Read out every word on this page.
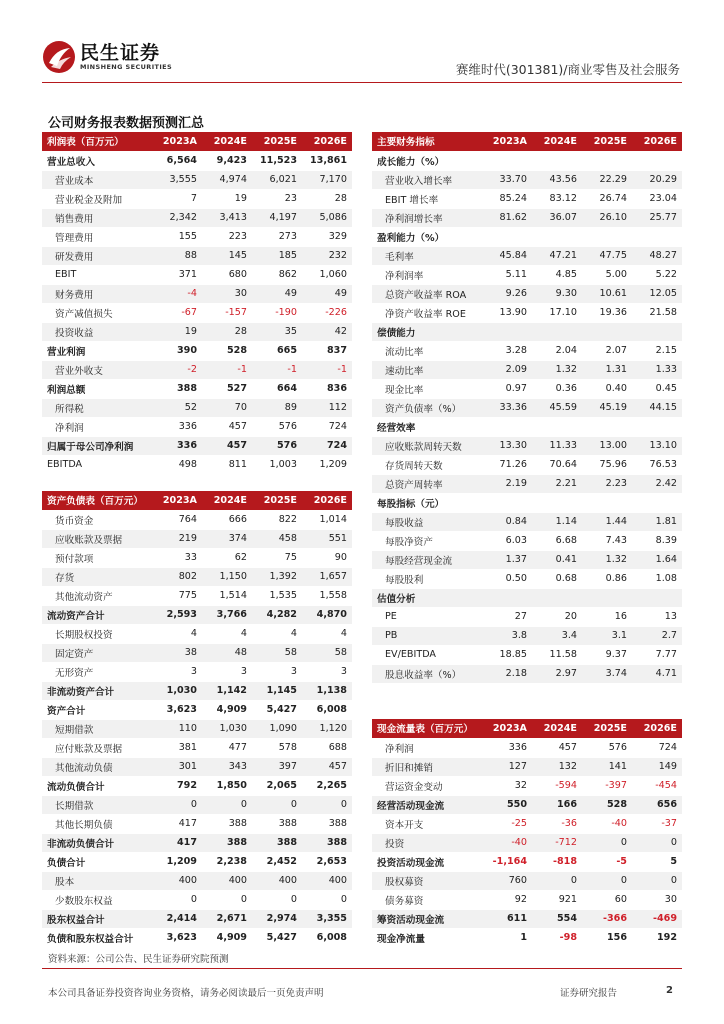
民生证券
MINSHENG SECURITIES	赛维时代(301381)/商业零售及社会服务
公司财务报表数据预测汇总
利润表（百万元）	2023A	2024E	2025E	2026E
营业总收入	6,564	9,423	11,523	13,861
营业成本	3,555	4,974	6,021	7,170
营业税金及附加	7	19	23	28
销售费用	2,342	3,413	4,197	5,086
管理费用	155	223	273	329
研发费用	88	145	185	232
EBIT	371	680	862	1,060
财务费用	-4	30	49	49
资产减值损失	-67	-157	-190	-226
投资收益	19	28	35	42
营业利润	390	528	665	837
营业外收支	-2	-1	-1	-1
利润总额	388	527	664	836
所得税	52	70	89	112
净利润	336	457	576	724
归属于母公司净利润	336	457	576	724
EBITDA	498	811	1,003	1,209
资产负债表（百万元）	2023A	2024E	2025E	2026E
货币资金	764	666	822	1,014
应收账款及票据	219	374	458	551
预付款项	33	62	75	90
存货	802	1,150	1,392	1,657
其他流动资产	775	1,514	1,535	1,558
流动资产合计	2,593	3,766	4,282	4,870
长期股权投资	4	4	4	4
固定资产	38	48	58	58
无形资产	3	3	3	3
非流动资产合计	1,030	1,142	1,145	1,138
资产合计	3,623	4,909	5,427	6,008
短期借款	110	1,030	1,090	1,120
应付账款及票据	381	477	578	688
其他流动负债	301	343	397	457
流动负债合计	792	1,850	2,065	2,265
长期借款	0	0	0	0
其他长期负债	417	388	388	388
非流动负债合计	417	388	388	388
负债合计	1,209	2,238	2,452	2,653
股本	400	400	400	400
少数股东权益	0	0	0	0
股东权益合计	2,414	2,671	2,974	3,355
负债和股东权益合计	3,623	4,909	5,427	6,008
主要财务指标	2023A	2024E	2025E	2026E
成长能力（%）				
营业收入增长率	33.70	43.56	22.29	20.29
EBIT 增长率	85.24	83.12	26.74	23.04
净利润增长率	81.62	36.07	26.10	25.77
盈利能力（%）				
毛利率	45.84	47.21	47.75	48.27
净利润率	5.11	4.85	5.00	5.22
总资产收益率 ROA	9.26	9.30	10.61	12.05
净资产收益率 ROE	13.90	17.10	19.36	21.58
偿债能力				
流动比率	3.28	2.04	2.07	2.15
速动比率	2.09	1.32	1.31	1.33
现金比率	0.97	0.36	0.40	0.45
资产负债率（%）	33.36	45.59	45.19	44.15
经营效率				
应收账款周转天数	13.30	11.33	13.00	13.10
存货周转天数	71.26	70.64	75.96	76.53
总资产周转率	2.19	2.21	2.23	2.42
每股指标（元）				
每股收益	0.84	1.14	1.44	1.81
每股净资产	6.03	6.68	7.43	8.39
每股经营现金流	1.37	0.41	1.32	1.64
每股股利	0.50	0.68	0.86	1.08
估值分析				
PE	27	20	16	13
PB	3.8	3.4	3.1	2.7
EV/EBITDA	18.85	11.58	9.37	7.77
股息收益率（%）	2.18	2.97	3.74	4.71
现金流量表（百万元）	2023A	2024E	2025E	2026E
净利润	336	457	576	724
折旧和摊销	127	132	141	149
营运资金变动	32	-594	-397	-454
经营活动现金流	550	166	528	656
资本开支	-25	-36	-40	-37
投资	-40	-712	0	0
投资活动现金流	-1,164	-818	-5	5
股权募资	760	0	0	0
债务募资	92	921	60	30
筹资活动现金流	611	554	-366	-469
现金净流量	1	-98	156	192
资料来源：公司公告、民生证券研究院预测
本公司具备证券投资咨询业务资格，请务必阅读最后一页免责声明	证券研究报告	2
